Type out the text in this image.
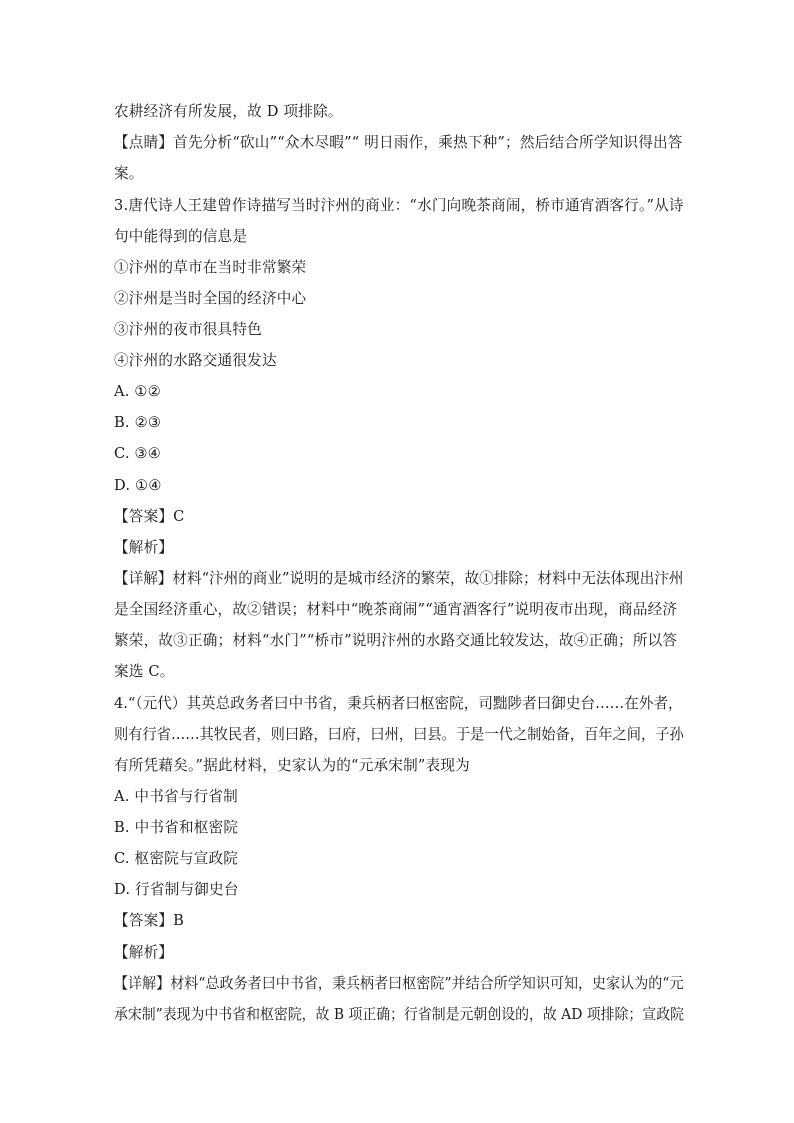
农耕经济有所发展，故 D 项排除。
【点睛】首先分析“砍山”“众木尽暇”“ 明日雨作，乘热下种”；然后结合所学知识得出答
案。
3.唐代诗人王建曾作诗描写当时汴州的商业：“水门向晚茶商闹，桥市通宵酒客行。”从诗
句中能得到的信息是
①汴州的草市在当时非常繁荣
②汴州是当时全国的经济中心
③汴州的夜市很具特色
④汴州的水路交通很发达
A. ①②
B. ②③
C. ③④
D. ①④
【答案】C
【解析】
【详解】材料“汴州的商业”说明的是城市经济的繁荣，故①排除；材料中无法体现出汴州
是全国经济重心，故②错误；材料中“晚茶商闹”“通宵酒客行”说明夜市出现，商品经济
繁荣，故③正确；材料“水门”“桥市”说明汴州的水路交通比较发达，故④正确；所以答
案选 C。
4.“（元代）其英总政务者曰中书省，秉兵柄者曰枢密院，司黜陟者曰御史台……在外者，
则有行省……其牧民者，则曰路，曰府，曰州，曰县。于是一代之制始备，百年之间，子孙
有所凭藉矣。”据此材料，史家认为的“元承宋制”表现为
A. 中书省与行省制
B. 中书省和枢密院
C. 枢密院与宣政院
D. 行省制与御史台
【答案】B
【解析】
【详解】材料“总政务者曰中书省，秉兵柄者曰枢密院”并结合所学知识可知，史家认为的“元
承宋制”表现为中书省和枢密院，故 B 项正确；行省制是元朝创设的，故 AD 项排除；宣政院
